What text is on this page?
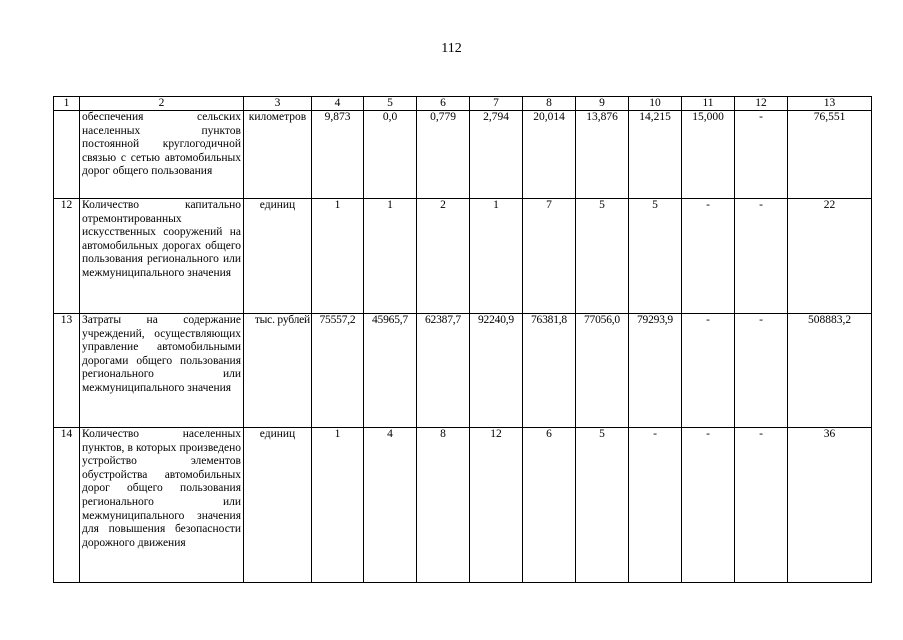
112
1	2	3	4	5	6	7	8	9	10	11	12	13
	обеспечения сельских населенных пунктов постоянной круглогодичной связью с сетью автомобильных дорог общего пользования	километров	9,873	0,0	0,779	2,794	20,014	13,876	14,215	15,000	-	76,551
12	Количество капитально отремонтированных искусственных сооружений на автомобильных дорогах общего пользования регионального или межмуниципального значения	единиц	1	1	2	1	7	5	5	-	-	22
13	Затраты на содержание учреждений, осуществляющих управление автомобильными дорогами общего пользования регионального или межмуниципального значения	тыс. рублей	75557,2	45965,7	62387,7	92240,9	76381,8	77056,0	79293,9	-	-	508883,2
14	Количество населенных пунктов, в которых произведено устройство элементов обустройства автомобильных дорог общего пользования регионального или межмуниципального значения для повышения безопасности дорожного движения	единиц	1	4	8	12	6	5	-	-	-	36
